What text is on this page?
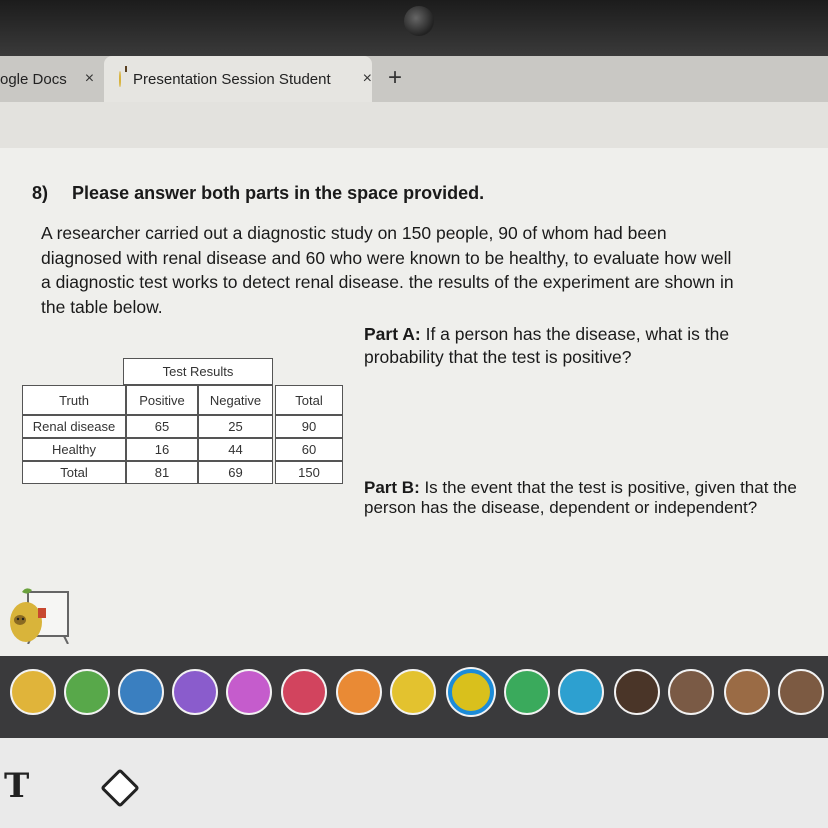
ogle Docs ×	Presentation Session Student × +
8) Please answer both parts in the space provided.
A researcher carried out a diagnostic study on 150 people, 90 of whom had been
diagnosed with renal disease and 60 who were known to be healthy, to evaluate how well
a diagnostic test works to detect renal disease. the results of the experiment are shown in
the table below.
Test Results
Truth	Positive	Negative	Total
Renal disease	65	25	90
Healthy	16	44	60
Total	81	69	150
Part A: If a person has the disease, what is the probability that the test is positive?
Part B: Is the event that the test is positive, given that the person has the disease, dependent or independent?
T
